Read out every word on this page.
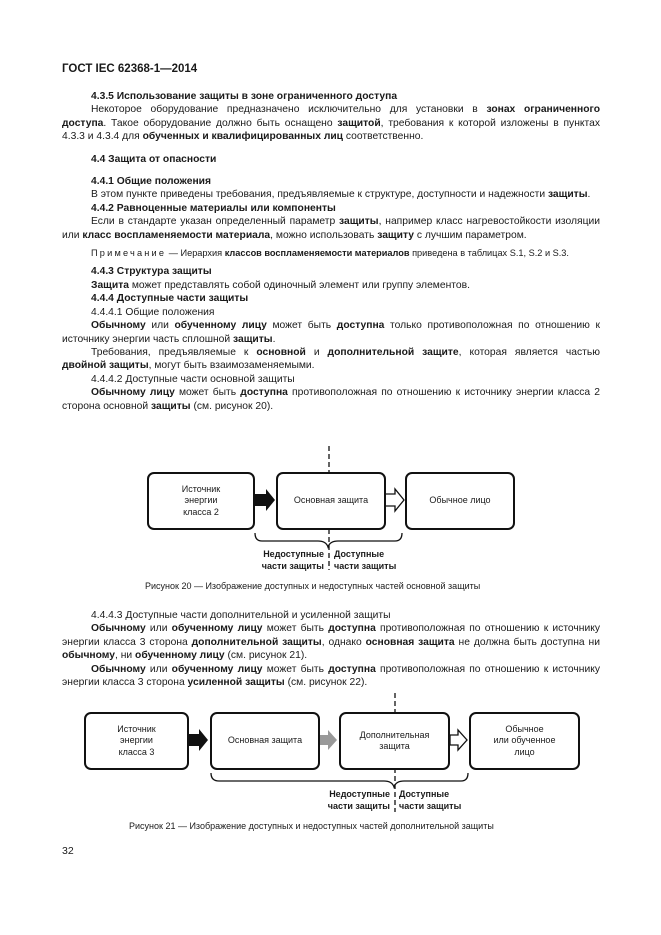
ГОСТ IEC 62368-1—2014

4.3.5 Использование защиты в зоне ограниченного доступа

Некоторое оборудование предназначено исключительно для установки в зонах ограниченного доступа. Такое оборудование должно быть оснащено защитой, требования к которой изложены в пунктах 4.3.3 и 4.3.4 для обученных и квалифицированных лиц соответственно.

4.4 Защита от опасности

4.4.1 Общие положения

В этом пункте приведены требования, предъявляемые к структуре, доступности и надежности защиты.

4.4.2 Равноценные материалы или компоненты

Если в стандарте указан определенный параметр защиты, например класс нагревостойкости изоляции или класс воспламеняемости материала, можно использовать защиту с лучшим параметром.

Примечание — Иерархия классов воспламеняемости материалов приведена в таблицах S.1, S.2 и S.3.

4.4.3 Структура защиты

Защита может представлять собой одиночный элемент или группу элементов.

4.4.4 Доступные части защиты

4.4.4.1 Общие положения

Обычному или обученному лицу может быть доступна только противоположная по отношению к источнику энергии часть сплошной защиты.

Требования, предъявляемые к основной и дополнительной защите, которая является частью двойной защиты, могут быть взаимозаменяемыми.

4.4.4.2 Доступные части основной защиты

Обычному лицу может быть доступна противоположная по отношению к источнику энергии класса 2 сторона основной защиты (см. рисунок 20).

Источник
энергии
класса 2
Основная защита	Обычное лицо
Недоступные
части защиты
Доступные
части защиты
Рисунок 20 — Изображение доступных и недоступных частей основной защиты

4.4.4.3 Доступные части дополнительной и усиленной защиты

Обычному или обученному лицу может быть доступна противоположная по отношению к источнику энергии класса 3 сторона дополнительной защиты, однако основная защита не должна быть доступна ни обычному, ни обученному лицу (см. рисунок 21).

Обычному или обученному лицу может быть доступна противоположная по отношению к источнику энергии класса 3 сторона усиленной защиты (см. рисунок 22).

Источник
энергии
класса 3
Основная защита
Дополнительная
защита
Обычное
или обученное
лицо
Недоступные
части защиты
Доступные
части защиты
Рисунок 21 — Изображение доступных и недоступных частей дополнительной защиты
32
